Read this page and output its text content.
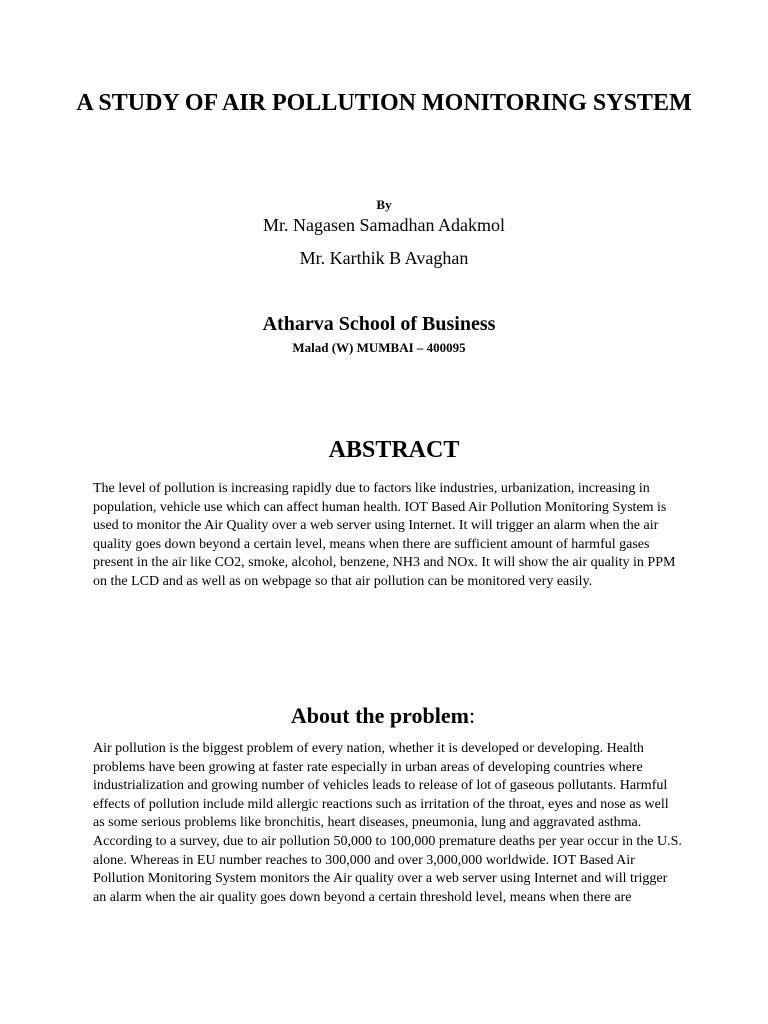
A STUDY OF AIR POLLUTION MONITORING SYSTEM
By
Mr. Nagasen Samadhan Adakmol
Mr. Karthik B Avaghan
Atharva School of Business
Malad (W) MUMBAI – 400095
ABSTRACT

The level of pollution is increasing rapidly due to factors like industries, urbanization, increasing in population, vehicle use which can affect human health. IOT Based Air Pollution Monitoring System is used to monitor the Air Quality over a web server using Internet. It will trigger an alarm when the air quality goes down beyond a certain level, means when there are sufficient amount of harmful gases present in the air like CO2, smoke, alcohol, benzene, NH3 and NOx. It will show the air quality in PPM on the LCD and as well as on webpage so that air pollution can be monitored very easily.

About the problem:

Air pollution is the biggest problem of every nation, whether it is developed or developing. Health problems have been growing at faster rate especially in urban areas of developing countries where industrialization and growing number of vehicles leads to release of lot of gaseous pollutants. Harmful effects of pollution include mild allergic reactions such as irritation of the throat, eyes and nose as well as some serious problems like bronchitis, heart diseases, pneumonia, lung and aggravated asthma. According to a survey, due to air pollution 50,000 to 100,000 premature deaths per year occur in the U.S. alone. Whereas in EU number reaches to 300,000 and over 3,000,000 worldwide. IOT Based Air Pollution Monitoring System monitors the Air quality over a web server using Internet and will trigger an alarm when the air quality goes down beyond a certain threshold level, means when there are
